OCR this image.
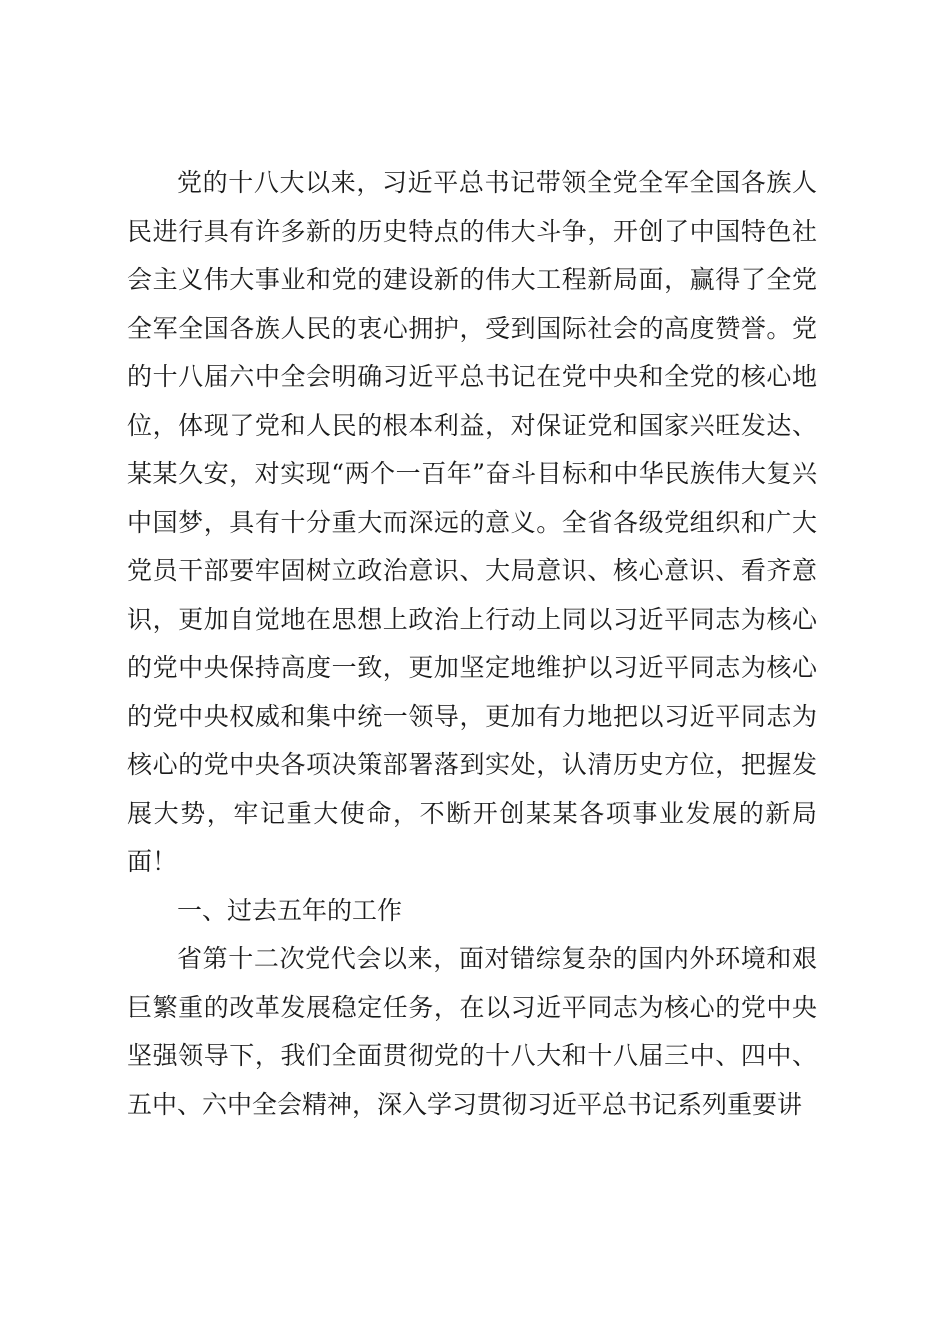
党的十八大以来，习近平总书记带领全党全军全国各族人民进行具有许多新的历史特点的伟大斗争，开创了中国特色社会主义伟大事业和党的建设新的伟大工程新局面，赢得了全党全军全国各族人民的衷心拥护，受到国际社会的高度赞誉。党的十八届六中全会明确习近平总书记在党中央和全党的核心地位，体现了党和人民的根本利益，对保证党和国家兴旺发达、某某久安，对实现“两个一百年”奋斗目标和中华民族伟大复兴中国梦，具有十分重大而深远的意义。全省各级党组织和广大党员干部要牢固树立政治意识、大局意识、核心意识、看齐意识，更加自觉地在思想上政治上行动上同以习近平同志为核心的党中央保持高度一致，更加坚定地维护以习近平同志为核心的党中央权威和集中统一领导，更加有力地把以习近平同志为核心的党中央各项决策部署落到实处，认清历史方位，把握发展大势，牢记重大使命，不断开创某某各项事业发展的新局面！

一、过去五年的工作

省第十二次党代会以来，面对错综复杂的国内外环境和艰巨繁重的改革发展稳定任务，在以习近平同志为核心的党中央坚强领导下，我们全面贯彻党的十八大和十八届三中、四中、五中、六中全会精神，深入学习贯彻习近平总书记系列重要讲
